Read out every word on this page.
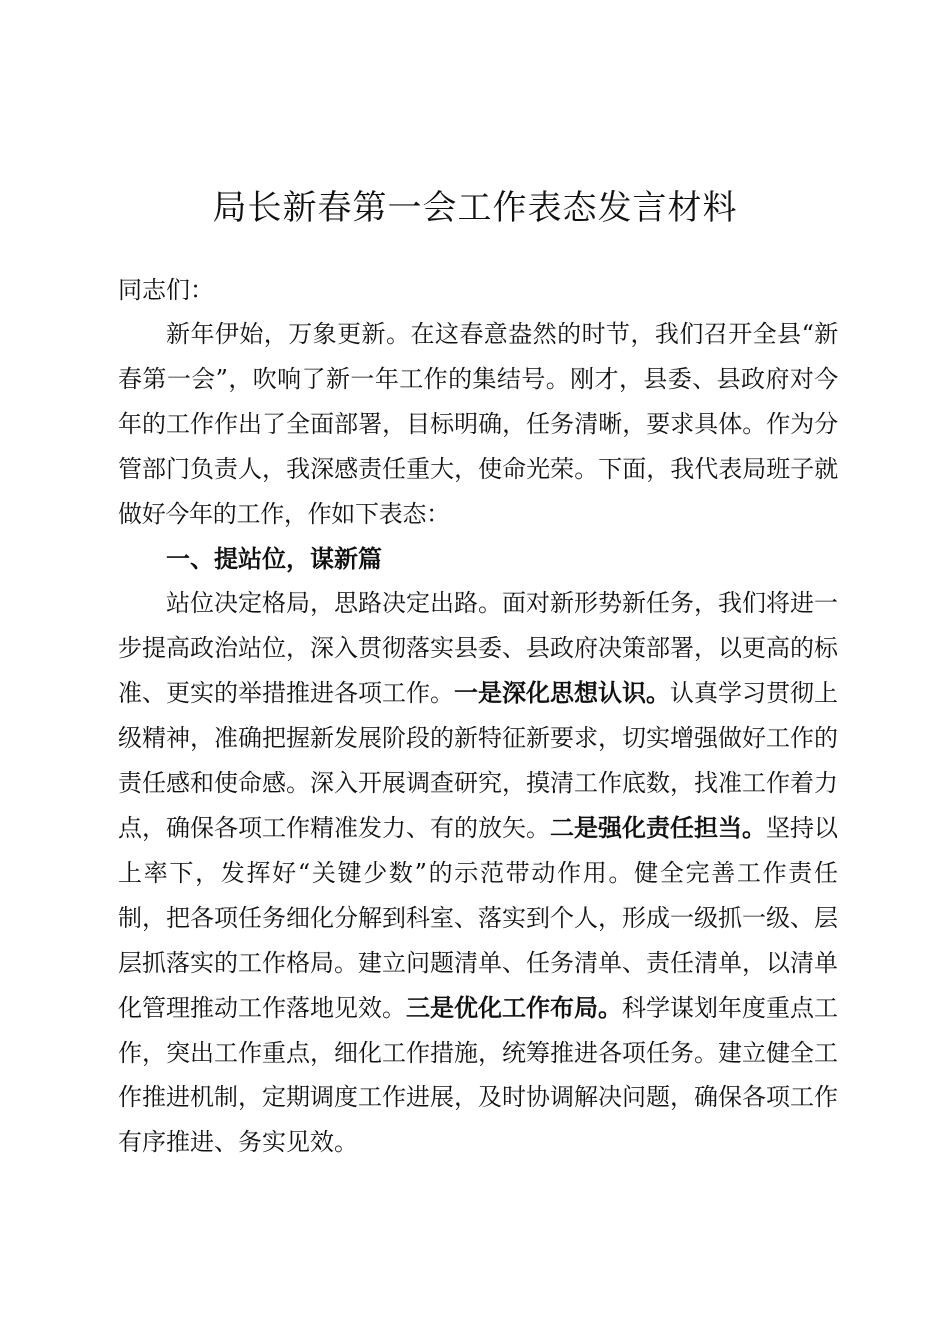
局长新春第一会工作表态发言材料

同志们：

新年伊始，万象更新。在这春意盎然的时节，我们召开全县“新春第一会”，吹响了新一年工作的集结号。刚才，县委、县政府对今年的工作作出了全面部署，目标明确，任务清晰，要求具体。作为分管部门负责人，我深感责任重大，使命光荣。下面，我代表局班子就做好今年的工作，作如下表态：

一、提站位，谋新篇

站位决定格局，思路决定出路。面对新形势新任务，我们将进一步提高政治站位，深入贯彻落实县委、县政府决策部署，以更高的标准、更实的举措推进各项工作。一是深化思想认识。认真学习贯彻上级精神，准确把握新发展阶段的新特征新要求，切实增强做好工作的责任感和使命感。深入开展调查研究，摸清工作底数，找准工作着力点，确保各项工作精准发力、有的放矢。二是强化责任担当。坚持以上率下，发挥好“关键少数”的示范带动作用。健全完善工作责任制，把各项任务细化分解到科室、落实到个人，形成一级抓一级、层层抓落实的工作格局。建立问题清单、任务清单、责任清单，以清单化管理推动工作落地见效。三是优化工作布局。科学谋划年度重点工作，突出工作重点，细化工作措施，统筹推进各项任务。建立健全工作推进机制，定期调度工作进展，及时协调解决问题，确保各项工作有序推进、务实见效。
